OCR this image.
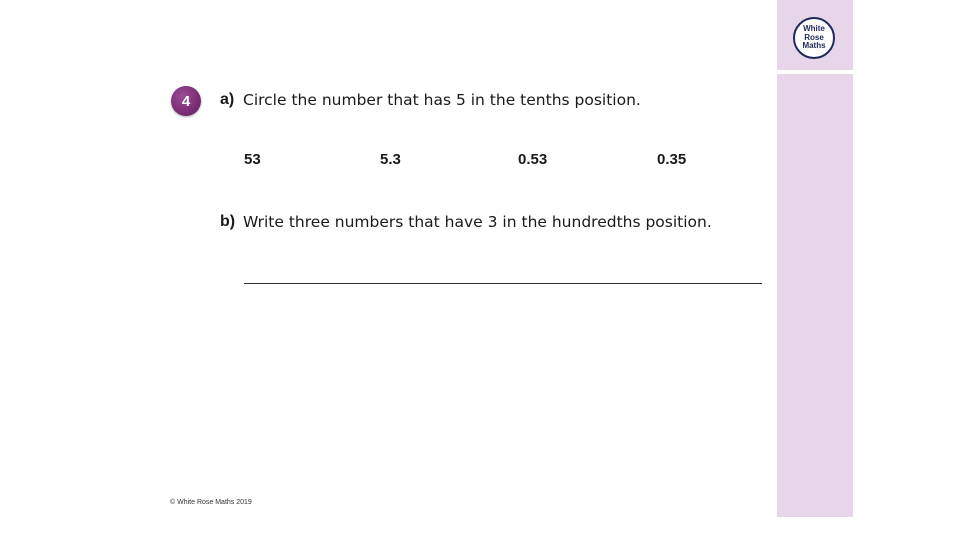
White
Rose
Maths
4	a) Circle the number that has 5 in the tenths position.
53	5.3	0.53	0.35
b) Write three numbers that have 3 in the hundredths position.
© White Rose Maths 2019
